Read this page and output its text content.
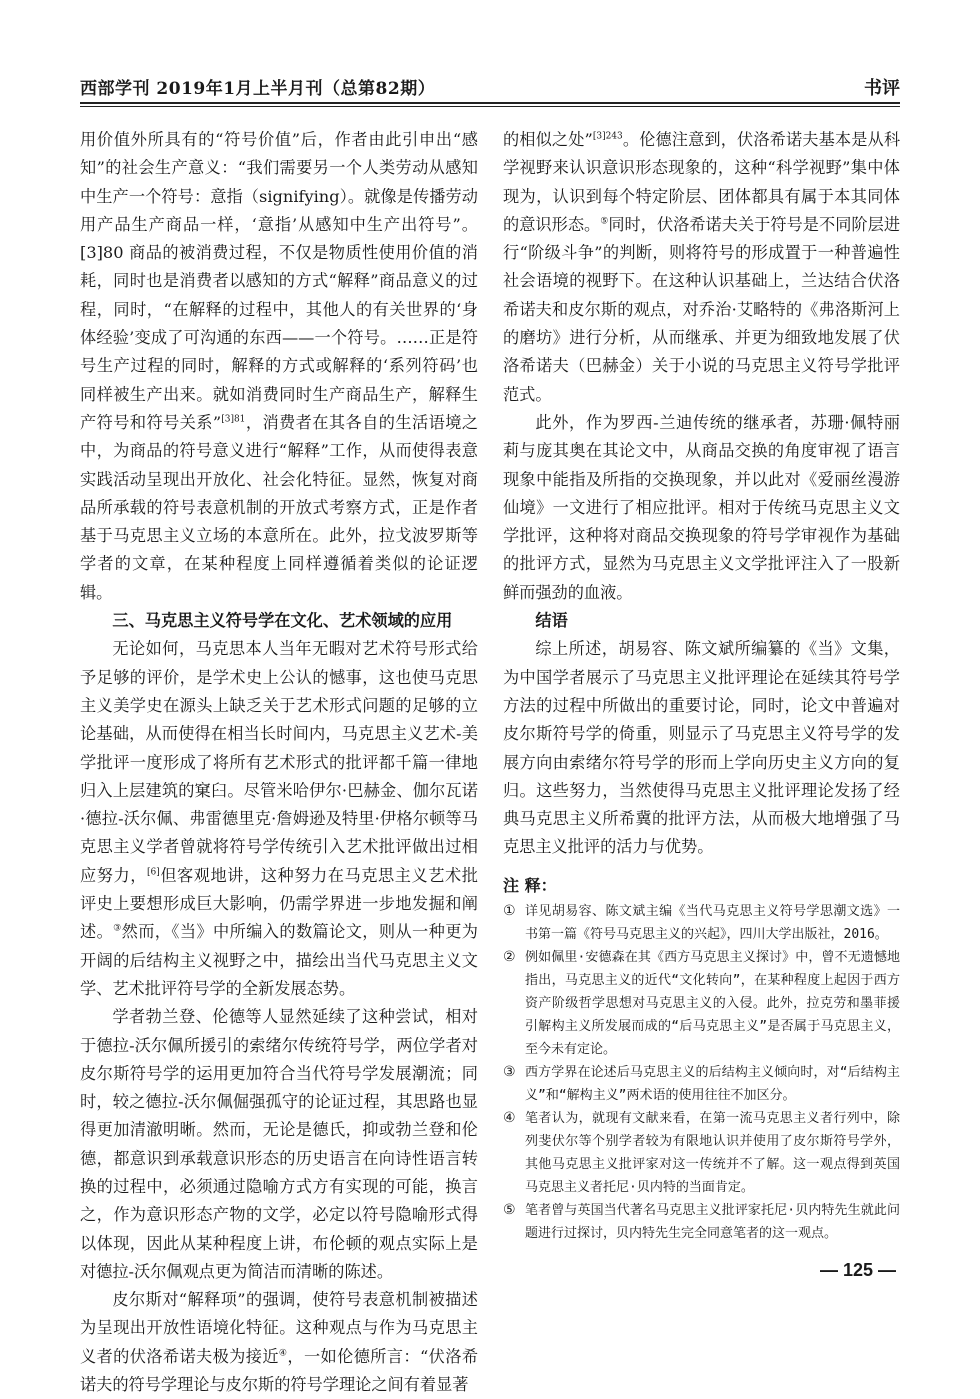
西部学刊 2019年1月上半月刊（总第82期）	书评

用价值外所具有的“符号价值”后，作者由此引申出“感知”的社会生产意义：“我们需要另一个人类劳动从感知中生产一个符号：意指（signifying）。就像是传播劳动用产品生产商品一样，‘意指’从感知中生产出符号”。[3]80 商品的被消费过程，不仅是物质性使用价值的消耗，同时也是消费者以感知的方式“解释”商品意义的过程，同时，“在解释的过程中，其他人的有关世界的‘身体经验’变成了可沟通的东西——一个符号。……正是符号生产过程的同时，解释的方式或解释的‘系列符码’也同样被生产出来。就如消费同时生产商品生产，解释生产符号和符号关系”$^{[3]81}$，消费者在其各自的生活语境之中，为商品的符号意义进行“解释”工作，从而使得表意实践活动呈现出开放化、社会化特征。显然，恢复对商品所承载的符号表意机制的开放式考察方式，正是作者基于马克思主义立场的本意所在。此外，拉戈波罗斯等学者的文章，在某种程度上同样遵循着类似的论证逻辑。

三、马克思主义符号学在文化、艺术领域的应用

无论如何，马克思本人当年无暇对艺术符号形式给予足够的评价，是学术史上公认的憾事，这也使马克思主义美学史在源头上缺乏关于艺术形式问题的足够的立论基础，从而使得在相当长时间内，马克思主义艺术-美学批评一度形成了将所有艺术形式的批评都千篇一律地归入上层建筑的窠臼。尽管米哈伊尔·巴赫金、伽尔瓦诺·德拉-沃尔佩、弗雷德里克·詹姆逊及特里·伊格尔顿等马克思主义学者曾就将符号学传统引入艺术批评做出过相应努力，[6]但客观地讲，这种努力在马克思主义艺术批评史上要想形成巨大影响，仍需学界进一步地发掘和阐述。③然而，《当》中所编入的数篇论文，则从一种更为开阔的后结构主义视野之中，描绘出当代马克思主义文学、艺术批评符号学的全新发展态势。

学者勃兰登、伦德等人显然延续了这种尝试，相对于德拉-沃尔佩所援引的索绪尔传统符号学，两位学者对皮尔斯符号学的运用更加符合当代符号学发展潮流；同时，较之德拉-沃尔佩倔强孤守的论证过程，其思路也显得更加清澈明晰。然而，无论是德氏，抑或勃兰登和伦德，都意识到承载意识形态的历史语言在向诗性语言转换的过程中，必须通过隐喻方式方有实现的可能，换言之，作为意识形态产物的文学，必定以符号隐喻形式得以体现，因此从某种程度上讲，布伦顿的观点实际上是对德拉-沃尔佩观点更为简洁而清晰的陈述。

皮尔斯对“解释项”的强调，使符号表意机制被描述为呈现出开放性语境化特征。这种观点与作为马克思主义者的伏洛希诺夫极为接近④，一如伦德所言：“伏洛希诺夫的符号学理论与皮尔斯的符号学理论之间有着显著

的相似之处”$^{[3]243}$。伦德注意到，伏洛希诺夫基本是从科学视野来认识意识形态现象的，这种“科学视野”集中体现为，认识到每个特定阶层、团体都具有属于本其同体的意识形态。⑤同时，伏洛希诺夫关于符号是不同阶层进行“阶级斗争”的判断，则将符号的形成置于一种普遍性社会语境的视野下。在这种认识基础上，兰达结合伏洛希诺夫和皮尔斯的观点，对乔治·艾略特的《弗洛斯河上的磨坊》进行分析，从而继承、并更为细致地发展了伏洛希诺夫（巴赫金）关于小说的马克思主义符号学批评范式。

此外，作为罗西-兰迪传统的继承者，苏珊·佩特丽莉与庞其奥在其论文中，从商品交换的角度审视了语言现象中能指及所指的交换现象，并以此对《爱丽丝漫游仙境》一文进行了相应批评。相对于传统马克思主义文学批评，这种将对商品交换现象的符号学审视作为基础的批评方式，显然为马克思主义文学批评注入了一股新鲜而强劲的血液。

结语

综上所述，胡易容、陈文斌所编纂的《当》文集，为中国学者展示了马克思主义批评理论在延续其符号学方法的过程中所做出的重要讨论，同时，论文中普遍对皮尔斯符号学的倚重，则显示了马克思主义符号学的发展方向由索绪尔符号学的形而上学向历史主义方向的复归。这些努力，当然使得马克思主义批评理论发扬了经典马克思主义所希冀的批评方法，从而极大地增强了马克思主义批评的活力与优势。

注 释：
① 详见胡易容、陈文斌主编《当代马克思主义符号学思潮文选》一书第一篇《符号马克思主义的兴起》，四川大学出版社，2016。
② 例如佩里·安德森在其《西方马克思主义探讨》中，曾不无遗憾地指出，马克思主义的近代“文化转向”，在某种程度上起因于西方资产阶级哲学思想对马克思主义的入侵。此外，拉克劳和墨菲援引解构主义所发展而成的“后马克思主义”是否属于马克思主义，至今未有定论。
③ 西方学界在论述后马克思主义的后结构主义倾向时，对“后结构主义”和“解构主义”两术语的使用往往不加区分。
④ 笔者认为，就现有文献来看，在第一流马克思主义者行列中，除列斐伏尔等个别学者较为有限地认识并使用了皮尔斯符号学外，其他马克思主义批评家对这一传统并不了解。这一观点得到英国马克思主义者托尼·贝内特的当面肯定。
⑤ 笔者曾与英国当代著名马克思主义批评家托尼·贝内特先生就此问题进行过探讨，贝内特先生完全同意笔者的这一观点。
— 125 —
